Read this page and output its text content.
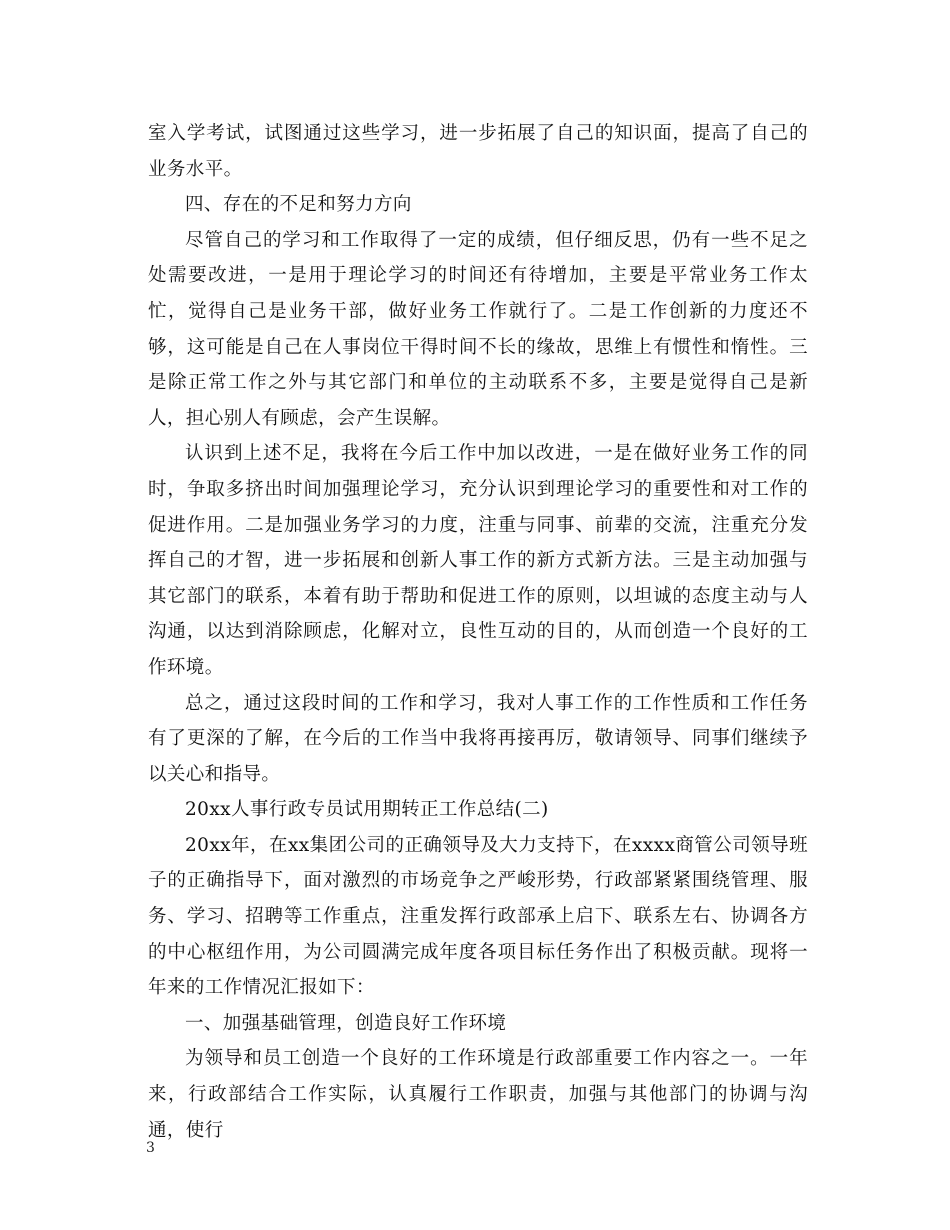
室入学考试，试图通过这些学习，进一步拓展了自己的知识面，提高了自己的业务水平。

四、存在的不足和努力方向

尽管自己的学习和工作取得了一定的成绩，但仔细反思，仍有一些不足之处需要改进，一是用于理论学习的时间还有待增加，主要是平常业务工作太忙，觉得自己是业务干部，做好业务工作就行了。二是工作创新的力度还不够，这可能是自己在人事岗位干得时间不长的缘故，思维上有惯性和惰性。三是除正常工作之外与其它部门和单位的主动联系不多，主要是觉得自己是新人，担心别人有顾虑，会产生误解。

认识到上述不足，我将在今后工作中加以改进，一是在做好业务工作的同时，争取多挤出时间加强理论学习，充分认识到理论学习的重要性和对工作的促进作用。二是加强业务学习的力度，注重与同事、前辈的交流，注重充分发挥自己的才智，进一步拓展和创新人事工作的新方式新方法。三是主动加强与其它部门的联系，本着有助于帮助和促进工作的原则，以坦诚的态度主动与人沟通，以达到消除顾虑，化解对立，良性互动的目的，从而创造一个良好的工作环境。

总之，通过这段时间的工作和学习，我对人事工作的工作性质和工作任务有了更深的了解，在今后的工作当中我将再接再厉，敬请领导、同事们继续予以关心和指导。

20xx人事行政专员试用期转正工作总结(二)

20xx年，在xx集团公司的正确领导及大力支持下，在xxxx商管公司领导班子的正确指导下，面对激烈的市场竞争之严峻形势，行政部紧紧围绕管理、服务、学习、招聘等工作重点，注重发挥行政部承上启下、联系左右、协调各方的中心枢纽作用，为公司圆满完成年度各项目标任务作出了积极贡献。现将一年来的工作情况汇报如下：

一、加强基础管理，创造良好工作环境

为领导和员工创造一个良好的工作环境是行政部重要工作内容之一。一年来，行政部结合工作实际，认真履行工作职责，加强与其他部门的协调与沟通，使行

3
